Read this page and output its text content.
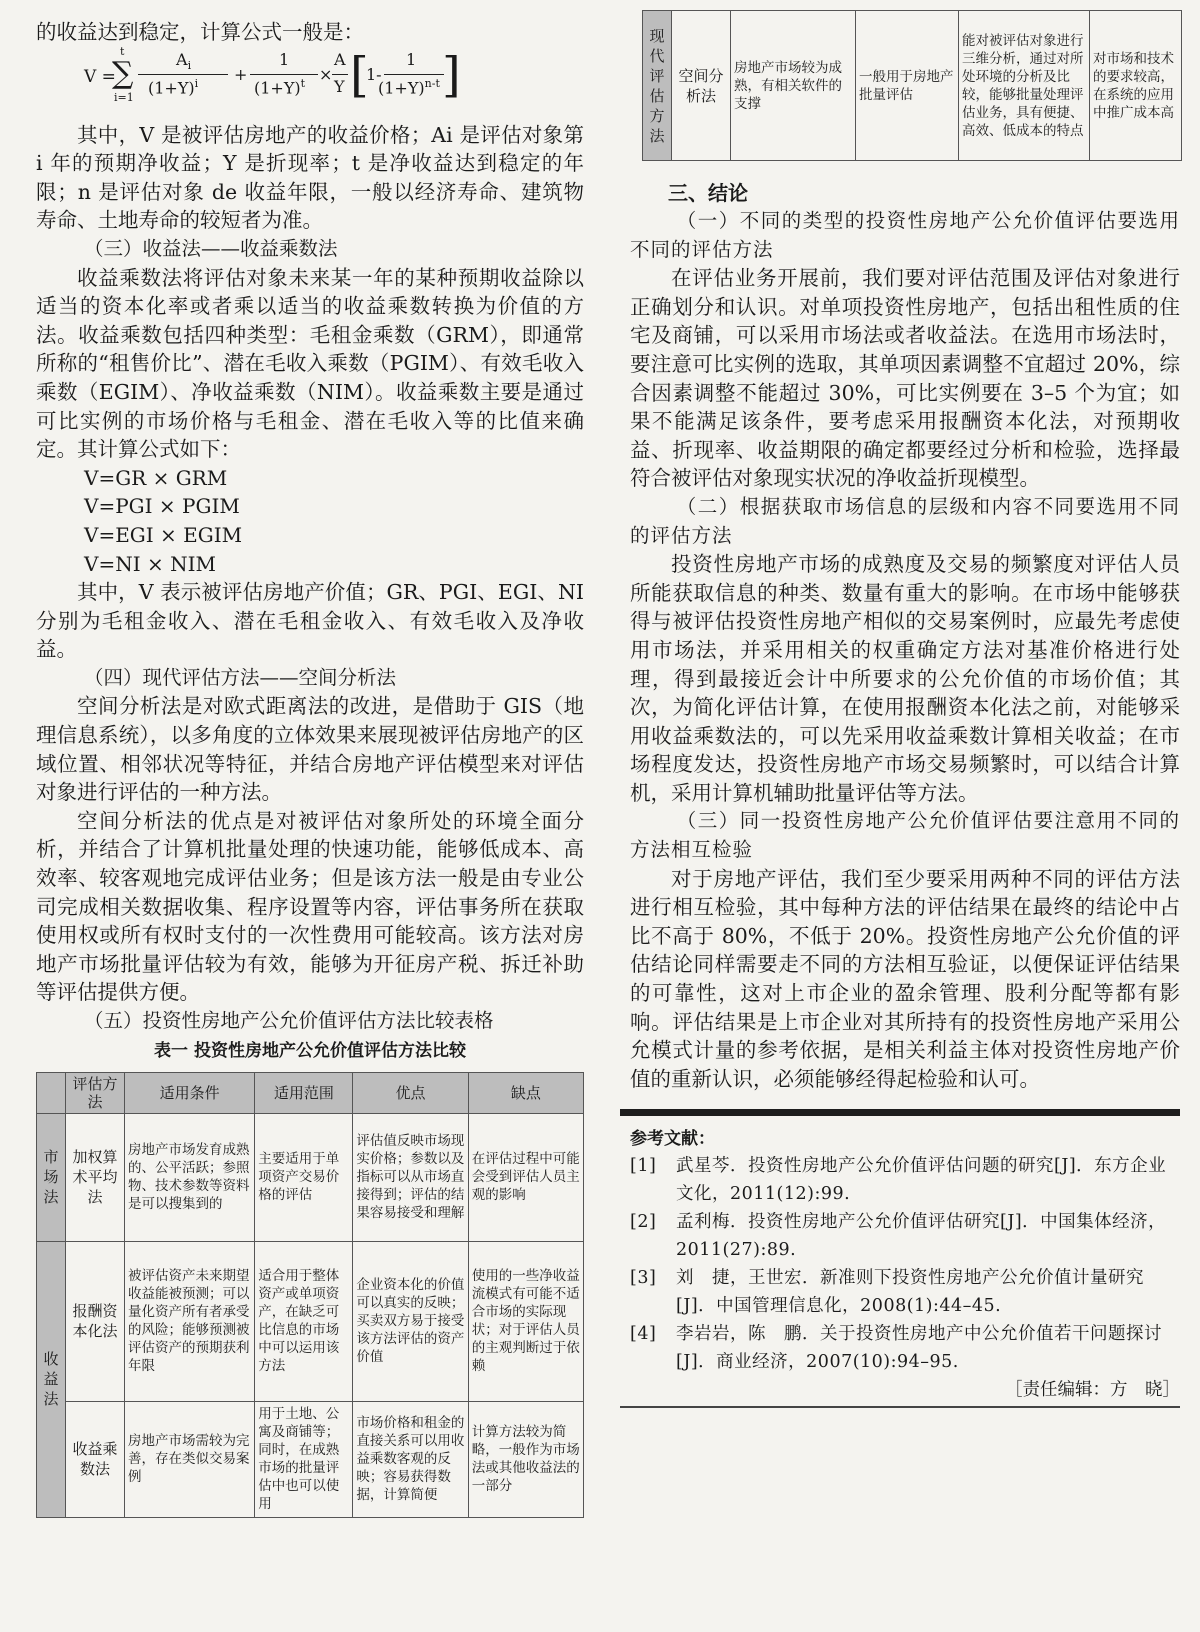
的收益达到稳定，计算公式一般是：

V =
t
∑
i=1
$A_i$
$(1+Y)^i$ +
1
$(1+Y)^t$ ×
A
Y [
1-
1
$(1+Y)^{n-t}$ ]

其中，V 是被评估房地产的收益价格；Ai 是评估对象第 i 年的预期净收益；Y 是折现率；t 是净收益达到稳定的年限；n 是评估对象 de 收益年限，一般以经济寿命、建筑物寿命、土地寿命的较短者为准。

（三）收益法——收益乘数法

收益乘数法将评估对象未来某一年的某种预期收益除以适当的资本化率或者乘以适当的收益乘数转换为价值的方法。收益乘数包括四种类型：毛租金乘数（GRM），即通常所称的“租售价比”、潜在毛收入乘数（PGIM）、有效毛收入乘数（EGIM）、净收益乘数（NIM）。收益乘数主要是通过可比实例的市场价格与毛租金、潜在毛收入等的比值来确定。其计算公式如下：

V=GR × GRM

V=PGI × PGIM

V=EGI × EGIM

V=NI × NIM

其中，V 表示被评估房地产价值；GR、PGI、EGI、NI 分别为毛租金收入、潜在毛租金收入、有效毛收入及净收益。

（四）现代评估方法——空间分析法

空间分析法是对欧式距离法的改进，是借助于 GIS（地理信息系统），以多角度的立体效果来展现被评估房地产的区域位置、相邻状况等特征，并结合房地产评估模型来对评估对象进行评估的一种方法。

空间分析法的优点是对被评估对象所处的环境全面分析，并结合了计算机批量处理的快速功能，能够低成本、高效率、较客观地完成评估业务；但是该方法一般是由专业公司完成相关数据收集、程序设置等内容，评估事务所在获取使用权或所有权时支付的一次性费用可能较高。该方法对房地产市场批量评估较为有效，能够为开征房产税、拆迁补助等评估提供方便。

（五）投资性房地产公允价值评估方法比较表格

表一 投资性房地产公允价值评估方法比较
	评估方法	适用条件	适用范围	优点	缺点
市场法	加权算术平均法	房地产市场发育成熟的、公平活跃；参照物、技术参数等资料是可以搜集到的	主要适用于单项资产交易价格的评估	评估值反映市场现实价格；参数以及指标可以从市场直接得到；评估的结果容易接受和理解	在评估过程中可能会受到评估人员主观的影响
收益法	报酬资本化法	被评估资产未来期望收益能被预测；可以量化资产所有者承受的风险；能够预测被评估资产的预期获利年限	适合用于整体资产或单项资产，在缺乏可比信息的市场中可以运用该方法	企业资本化的价值可以真实的反映；买卖双方易于接受该方法评估的资产价值	使用的一些净收益流模式有可能不适合市场的实际现状；对于评估人员的主观判断过于依赖
	收益乘数法	房地产市场需较为完善，存在类似交易案例	用于土地、公寓及商铺等；同时，在成熟市场的批量评估中也可以使用	市场价格和租金的直接关系可以用收益乘数客观的反映；容易获得数据，计算简便	计算方法较为简略，一般作为市场法或其他收益法的一部分
现代评估方法	空间分析法	房地产市场较为成熟，有相关软件的支撑	一般用于房地产批量评估	能对被评估对象进行三维分析，通过对所处环境的分析及比较，能够批量处理评估业务，具有便捷、高效、低成本的特点	对市场和技术的要求较高，在系统的应用中推广成本高
三、结论

（一）不同的类型的投资性房地产公允价值评估要选用不同的评估方法

在评估业务开展前，我们要对评估范围及评估对象进行正确划分和认识。对单项投资性房地产，包括出租性质的住宅及商铺，可以采用市场法或者收益法。在选用市场法时，要注意可比实例的选取，其单项因素调整不宜超过 20%，综合因素调整不能超过 30%，可比实例要在 3–5 个为宜；如果不能满足该条件，要考虑采用报酬资本化法，对预期收益、折现率、收益期限的确定都要经过分析和检验，选择最符合被评估对象现实状况的净收益折现模型。

（二）根据获取市场信息的层级和内容不同要选用不同的评估方法

投资性房地产市场的成熟度及交易的频繁度对评估人员所能获取信息的种类、数量有重大的影响。在市场中能够获得与被评估投资性房地产相似的交易案例时，应最先考虑使用市场法，并采用相关的权重确定方法对基准价格进行处理，得到最接近会计中所要求的公允价值的市场价值；其次，为简化评估计算，在使用报酬资本化法之前，对能够采用收益乘数法的，可以先采用收益乘数计算相关收益；在市场程度发达，投资性房地产市场交易频繁时，可以结合计算机，采用计算机辅助批量评估等方法。

（三）同一投资性房地产公允价值评估要注意用不同的方法相互检验

对于房地产评估，我们至少要采用两种不同的评估方法进行相互检验，其中每种方法的评估结果在最终的结论中占比不高于 80%，不低于 20%。投资性房地产公允价值的评估结论同样需要走不同的方法相互验证，以便保证评估结果的可靠性，这对上市企业的盈余管理、股利分配等都有影响。评估结果是上市企业对其所持有的投资性房地产采用公允模式计量的参考依据，是相关利益主体对投资性房地产价值的重新认识，必须能够经得起检验和认可。

参考文献：
[1] 武星芩．投资性房地产公允价值评估问题的研究[J]．东方企业文化，2011(12):99.
[2] 孟利梅．投资性房地产公允价值评估研究[J]．中国集体经济，2011(27):89.
[3] 刘　捷，王世宏．新准则下投资性房地产公允价值计量研究[J]．中国管理信息化，2008(1):44–45.
[4] 李岩岩，陈　鹏．关于投资性房地产中公允价值若干问题探讨[J]．商业经济，2007(10):94–95.
［责任编辑：方　晓］
